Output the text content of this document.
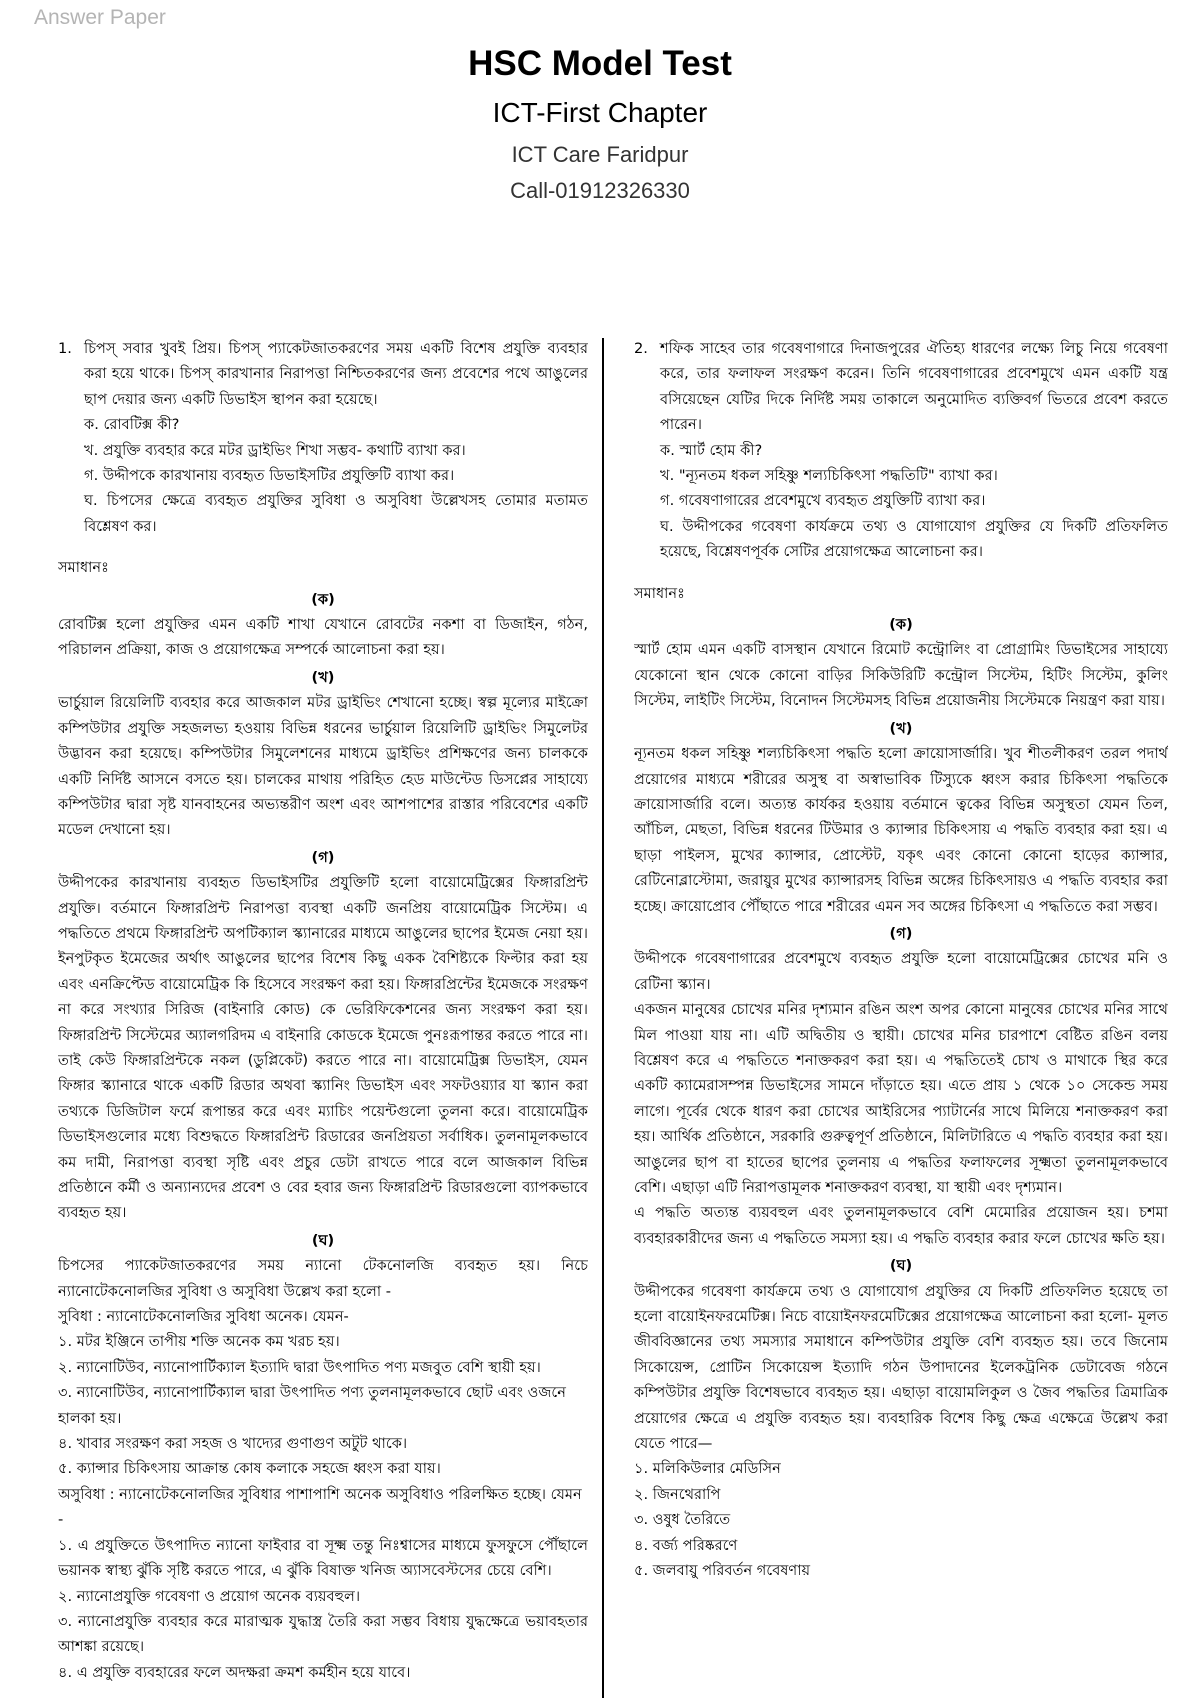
Answer Paper
HSC Model Test
ICT-First Chapter
ICT Care Faridpur
Call-01912326330
1. চিপস্ সবার খুবই প্রিয়। চিপস্ প্যাকেটজাতকরণের সময় একটি বিশেষ প্রযুক্তি ব্যবহার করা হয়ে থাকে। চিপস্ কারখানার নিরাপত্তা নিশ্চিতকরণের জন্য প্রবেশের পথে আঙুলের ছাপ দেয়ার জন্য একটি ডিভাইস স্থাপন করা হয়েছে।
ক. রোবটিক্স কী?
খ. প্রযুক্তি ব্যবহার করে মটর ড্রাইভিং শিখা সম্ভব- কথাটি ব্যাখা কর।
গ. উদ্দীপকে কারখানায় ব্যবহৃত ডিভাইসটির প্রযুক্তিটি ব্যাখা কর।
ঘ. চিপসের ক্ষেত্রে ব্যবহৃত প্রযুক্তির সুবিধা ও অসুবিধা উল্লেখসহ তোমার মতামত বিশ্লেষণ কর।
সমাধানঃ
(ক)
রোবটিক্স হলো প্রযুক্তির এমন একটি শাখা যেখানে রোবটের নকশা বা ডিজাইন, গঠন, পরিচালন প্রক্রিয়া, কাজ ও প্রয়োগক্ষেত্র সম্পর্কে আলোচনা করা হয়।
(খ)
ভার্চুয়াল রিয়েলিটি ব্যবহার করে আজকাল মটর ড্রাইভিং শেখানো হচ্ছে। স্বল্প মূল্যের মাইক্রো কম্পিউটার প্রযুক্তি সহজলভ্য হওয়ায় বিভিন্ন ধরনের ভার্চুয়াল রিয়েলিটি ড্রাইভিং সিমুলেটর উদ্ভাবন করা হয়েছে। কম্পিউটার সিমুলেশনের মাধ্যমে ড্রাইভিং প্রশিক্ষণের জন্য চালককে একটি নির্দিষ্ট আসনে বসতে হয়। চালকের মাথায় পরিহিত হেড মাউন্টেড ডিসপ্লের সাহায্যে কম্পিউটার দ্বারা সৃষ্ট যানবাহনের অভ্যন্তরীণ অংশ এবং আশপাশের রাস্তার পরিবেশের একটি মডেল দেখানো হয়।
(গ)
উদ্দীপকের কারখানায় ব্যবহৃত ডিভাইসটির প্রযুক্তিটি হলো বায়োমেট্রিক্সের ফিঙ্গারপ্রিন্ট প্রযুক্তি। বর্তমানে ফিঙ্গারপ্রিন্ট নিরাপত্তা ব্যবস্থা একটি জনপ্রিয় বায়োমেট্রিক সিস্টেম। এ পদ্ধতিতে প্রথমে ফিঙ্গারপ্রিন্ট অপটিক্যাল স্ক্যানারের মাধ্যমে আঙুলের ছাপের ইমেজ নেয়া হয়। ইনপুটকৃত ইমেজের অর্থাৎ আঙুলের ছাপের বিশেষ কিছু একক বৈশিষ্ট্যকে ফিল্টার করা হয় এবং এনক্রিপ্টেড বায়োমেট্রিক কি হিসেবে সংরক্ষণ করা হয়। ফিঙ্গারপ্রিন্টের ইমেজকে সংরক্ষণ না করে সংখ্যার সিরিজ (বাইনারি কোড) কে ভেরিফিকেশনের জন্য সংরক্ষণ করা হয়। ফিঙ্গারপ্রিন্ট সিস্টেমের অ্যালগরিদম এ বাইনারি কোডকে ইমেজে পুনঃরূপান্তর করতে পারে না। তাই কেউ ফিঙ্গারপ্রিন্টকে নকল (ডুপ্লিকেট) করতে পারে না। বায়োমেট্রিক্স ডিভাইস, যেমন ফিঙ্গার স্ক্যানারে থাকে একটি রিডার অথবা স্ক্যানিং ডিভাইস এবং সফটওয়্যার যা স্ক্যান করা তথ্যকে ডিজিটাল ফর্মে রূপান্তর করে এবং ম্যাচিং পয়েন্টগুলো তুলনা করে। বায়োমেট্রিক ডিভাইসগুলোর মধ্যে বিশুদ্ধতে ফিঙ্গারপ্রিন্ট রিডারের জনপ্রিয়তা সর্বাধিক। তুলনামূলকভাবে কম দামী, নিরাপত্তা ব্যবস্থা সৃষ্টি এবং প্রচুর ডেটা রাখতে পারে বলে আজকাল বিভিন্ন প্রতিষ্ঠানে কর্মী ও অন্যান্যদের প্রবেশ ও বের হবার জন্য ফিঙ্গারপ্রিন্ট রিডারগুলো ব্যাপকভাবে ব্যবহৃত হয়।
(ঘ)
চিপসের প্যাকেটজাতকরণের সময় ন্যানো টেকনোলজি ব্যবহৃত হয়। নিচে ন্যানোটেকনোলজির সুবিধা ও অসুবিধা উল্লেখ করা হলো -
সুবিধা : ন্যানোটেকনোলজির সুবিধা অনেক। যেমন-
১. মটর ইঞ্জিনে তাপীয় শক্তি অনেক কম খরচ হয়।
২. ন্যানোটিউব, ন্যানোপার্টিক্যাল ইত্যাদি দ্বারা উৎপাদিত পণ্য মজবুত বেশি স্থায়ী হয়।
৩. ন্যানোটিউব, ন্যানোপার্টিক্যাল দ্বারা উৎপাদিত পণ্য তুলনামূলকভাবে ছোট এবং ওজনে হালকা হয়।
৪. খাবার সংরক্ষণ করা সহজ ও খাদ্যের গুণাগুণ অটুট থাকে।
৫. ক্যান্সার চিকিৎসায় আক্রান্ত কোষ কলাকে সহজে ধ্বংস করা যায়।
অসুবিধা : ন্যানোটেকনোলজির সুবিধার পাশাপাশি অনেক অসুবিধাও পরিলক্ষিত হচ্ছে। যেমন -
১. এ প্রযুক্তিতে উৎপাদিত ন্যানো ফাইবার বা সূক্ষ্ম তন্তু নিঃশ্বাসের মাধ্যমে ফুসফুসে পৌঁছালে ভয়ানক স্বাস্থ্য ঝুঁকি সৃষ্টি করতে পারে, এ ঝুঁকি বিষাক্ত খনিজ অ্যাসবেস্টসের চেয়ে বেশি।
২. ন্যানোপ্রযুক্তি গবেষণা ও প্রয়োগ অনেক ব্যয়বহুল।
৩. ন্যানোপ্রযুক্তি ব্যবহার করে মারাত্মক যুদ্ধাস্ত্র তৈরি করা সম্ভব বিধায় যুদ্ধক্ষেত্রে ভয়াবহতার আশঙ্কা রয়েছে।
৪. এ প্রযুক্তি ব্যবহারের ফলে অদক্ষরা ক্রমশ কর্মহীন হয়ে যাবে।
2. শফিক সাহেব তার গবেষণাগারে দিনাজপুরের ঐতিহ্য ধারণের লক্ষ্যে লিচু নিয়ে গবেষণা করে, তার ফলাফল সংরক্ষণ করেন। তিনি গবেষণাগারের প্রবেশমুখে এমন একটি যন্ত্র বসিয়েছেন যেটির দিকে নির্দিষ্ট সময় তাকালে অনুমোদিত ব্যক্তিবর্গ ভিতরে প্রবেশ করতে পারেন।
ক. স্মার্ট হোম কী?
খ. "ন্যূনতম ধকল সহিষ্ণু শল্যচিকিৎসা পদ্ধতিটি" ব্যাখা কর।
গ. গবেষণাগারের প্রবেশমুখে ব্যবহৃত প্রযুক্তিটি ব্যাখা কর।
ঘ. উদ্দীপকের গবেষণা কার্যক্রমে তথ্য ও যোগাযোগ প্রযুক্তির যে দিকটি প্রতিফলিত হয়েছে, বিশ্লেষণপূর্বক সেটির প্রয়োগক্ষেত্র আলোচনা কর।
সমাধানঃ
(ক)
স্মার্ট হোম এমন একটি বাসস্থান যেখানে রিমোট কন্ট্রোলিং বা প্রোগ্রামিং ডিভাইসের সাহায্যে যেকোনো স্থান থেকে কোনো বাড়ির সিকিউরিটি কন্ট্রোল সিস্টেম, হিটিং সিস্টেম, কুলিং সিস্টেম, লাইটিং সিস্টেম, বিনোদন সিস্টেমসহ বিভিন্ন প্রয়োজনীয় সিস্টেমকে নিয়ন্ত্রণ করা যায়।
(খ)
ন্যূনতম ধকল সহিষ্ণু শল্যচিকিৎসা পদ্ধতি হলো ক্রায়োসার্জারি। খুব শীতলীকরণ তরল পদার্থ প্রয়োগের মাধ্যমে শরীরের অসুস্থ বা অস্বাভাবিক টিস্যুকে ধ্বংস করার চিকিৎসা পদ্ধতিকে ক্রায়োসার্জারি বলে। অত্যন্ত কার্যকর হওয়ায় বর্তমানে ত্বকের বিভিন্ন অসুস্থতা যেমন তিল, আঁচিল, মেছতা, বিভিন্ন ধরনের টিউমার ও ক্যান্সার চিকিৎসায় এ পদ্ধতি ব্যবহার করা হয়। এ ছাড়া পাইলস, মুখের ক্যান্সার, প্রোস্টেট, যকৃৎ এবং কোনো কোনো হাড়ের ক্যান্সার, রেটিনোব্লাস্টোমা, জরায়ুর মুখের ক্যান্সারসহ বিভিন্ন অঙ্গের চিকিৎসায়ও এ পদ্ধতি ব্যবহার করা হচ্ছে। ক্রায়োপ্রোব পৌঁছাতে পারে শরীরের এমন সব অঙ্গের চিকিৎসা এ পদ্ধতিতে করা সম্ভব।
(গ)
উদ্দীপকে গবেষণাগারের প্রবেশমুখে ব্যবহৃত প্রযুক্তি হলো বায়োমেট্রিক্সের চোখের মনি ও রেটিনা স্ক্যান।
একজন মানুষের চোখের মনির দৃশ্যমান রঙিন অংশ অপর কোনো মানুষের চোখের মনির সাথে মিল পাওয়া যায় না। এটি অদ্বিতীয় ও স্থায়ী। চোখের মনির চারপাশে বেষ্টিত রঙিন বলয় বিশ্লেষণ করে এ পদ্ধতিতে শনাক্তকরণ করা হয়। এ পদ্ধতিতেই চোখ ও মাথাকে স্থির করে একটি ক্যামেরাসম্পন্ন ডিভাইসের সামনে দাঁড়াতে হয়। এতে প্রায় ১ থেকে ১০ সেকেন্ড সময় লাগে। পূর্বের থেকে ধারণ করা চোখের আইরিসের প্যাটার্নের সাথে মিলিয়ে শনাক্তকরণ করা হয়। আর্থিক প্রতিষ্ঠানে, সরকারি গুরুত্বপূর্ণ প্রতিষ্ঠানে, মিলিটারিতে এ পদ্ধতি ব্যবহার করা হয়। আঙুলের ছাপ বা হাতের ছাপের তুলনায় এ পদ্ধতির ফলাফলের সূক্ষ্মতা তুলনামূলকভাবে বেশি। এছাড়া এটি নিরাপত্তামূলক শনাক্তকরণ ব্যবস্থা, যা স্থায়ী এবং দৃশ্যমান।
এ পদ্ধতি অত্যন্ত ব্যয়বহুল এবং তুলনামূলকভাবে বেশি মেমোরির প্রয়োজন হয়। চশমা ব্যবহারকারীদের জন্য এ পদ্ধতিতে সমস্যা হয়। এ পদ্ধতি ব্যবহার করার ফলে চোখের ক্ষতি হয়।
(ঘ)
উদ্দীপকের গবেষণা কার্যক্রমে তথ্য ও যোগাযোগ প্রযুক্তির যে দিকটি প্রতিফলিত হয়েছে তা হলো বায়োইনফরমেটিক্স। নিচে বায়োইনফরমেটিক্সের প্রয়োগক্ষেত্র আলোচনা করা হলো- মূলত জীববিজ্ঞানের তথ্য সমস্যার সমাধানে কম্পিউটার প্রযুক্তি বেশি ব্যবহৃত হয়। তবে জিনোম সিকোয়েন্স, প্রোটিন সিকোয়েন্স ইত্যাদি গঠন উপাদানের ইলেকট্রনিক ডেটাবেজ গঠনে কম্পিউটার প্রযুক্তি বিশেষভাবে ব্যবহৃত হয়। এছাড়া বায়োমলিকুল ও জৈব পদ্ধতির ত্রিমাত্রিক প্রয়োগের ক্ষেত্রে এ প্রযুক্তি ব্যবহৃত হয়। ব্যবহারিক বিশেষ কিছু ক্ষেত্র এক্ষেত্রে উল্লেখ করা যেতে পারে—
১. মলিকিউলার মেডিসিন
২. জিনথেরাপি
৩. ওষুধ তৈরিতে
৪. বর্জ্য পরিষ্করণে
৫. জলবায়ু পরিবর্তন গবেষণায়
